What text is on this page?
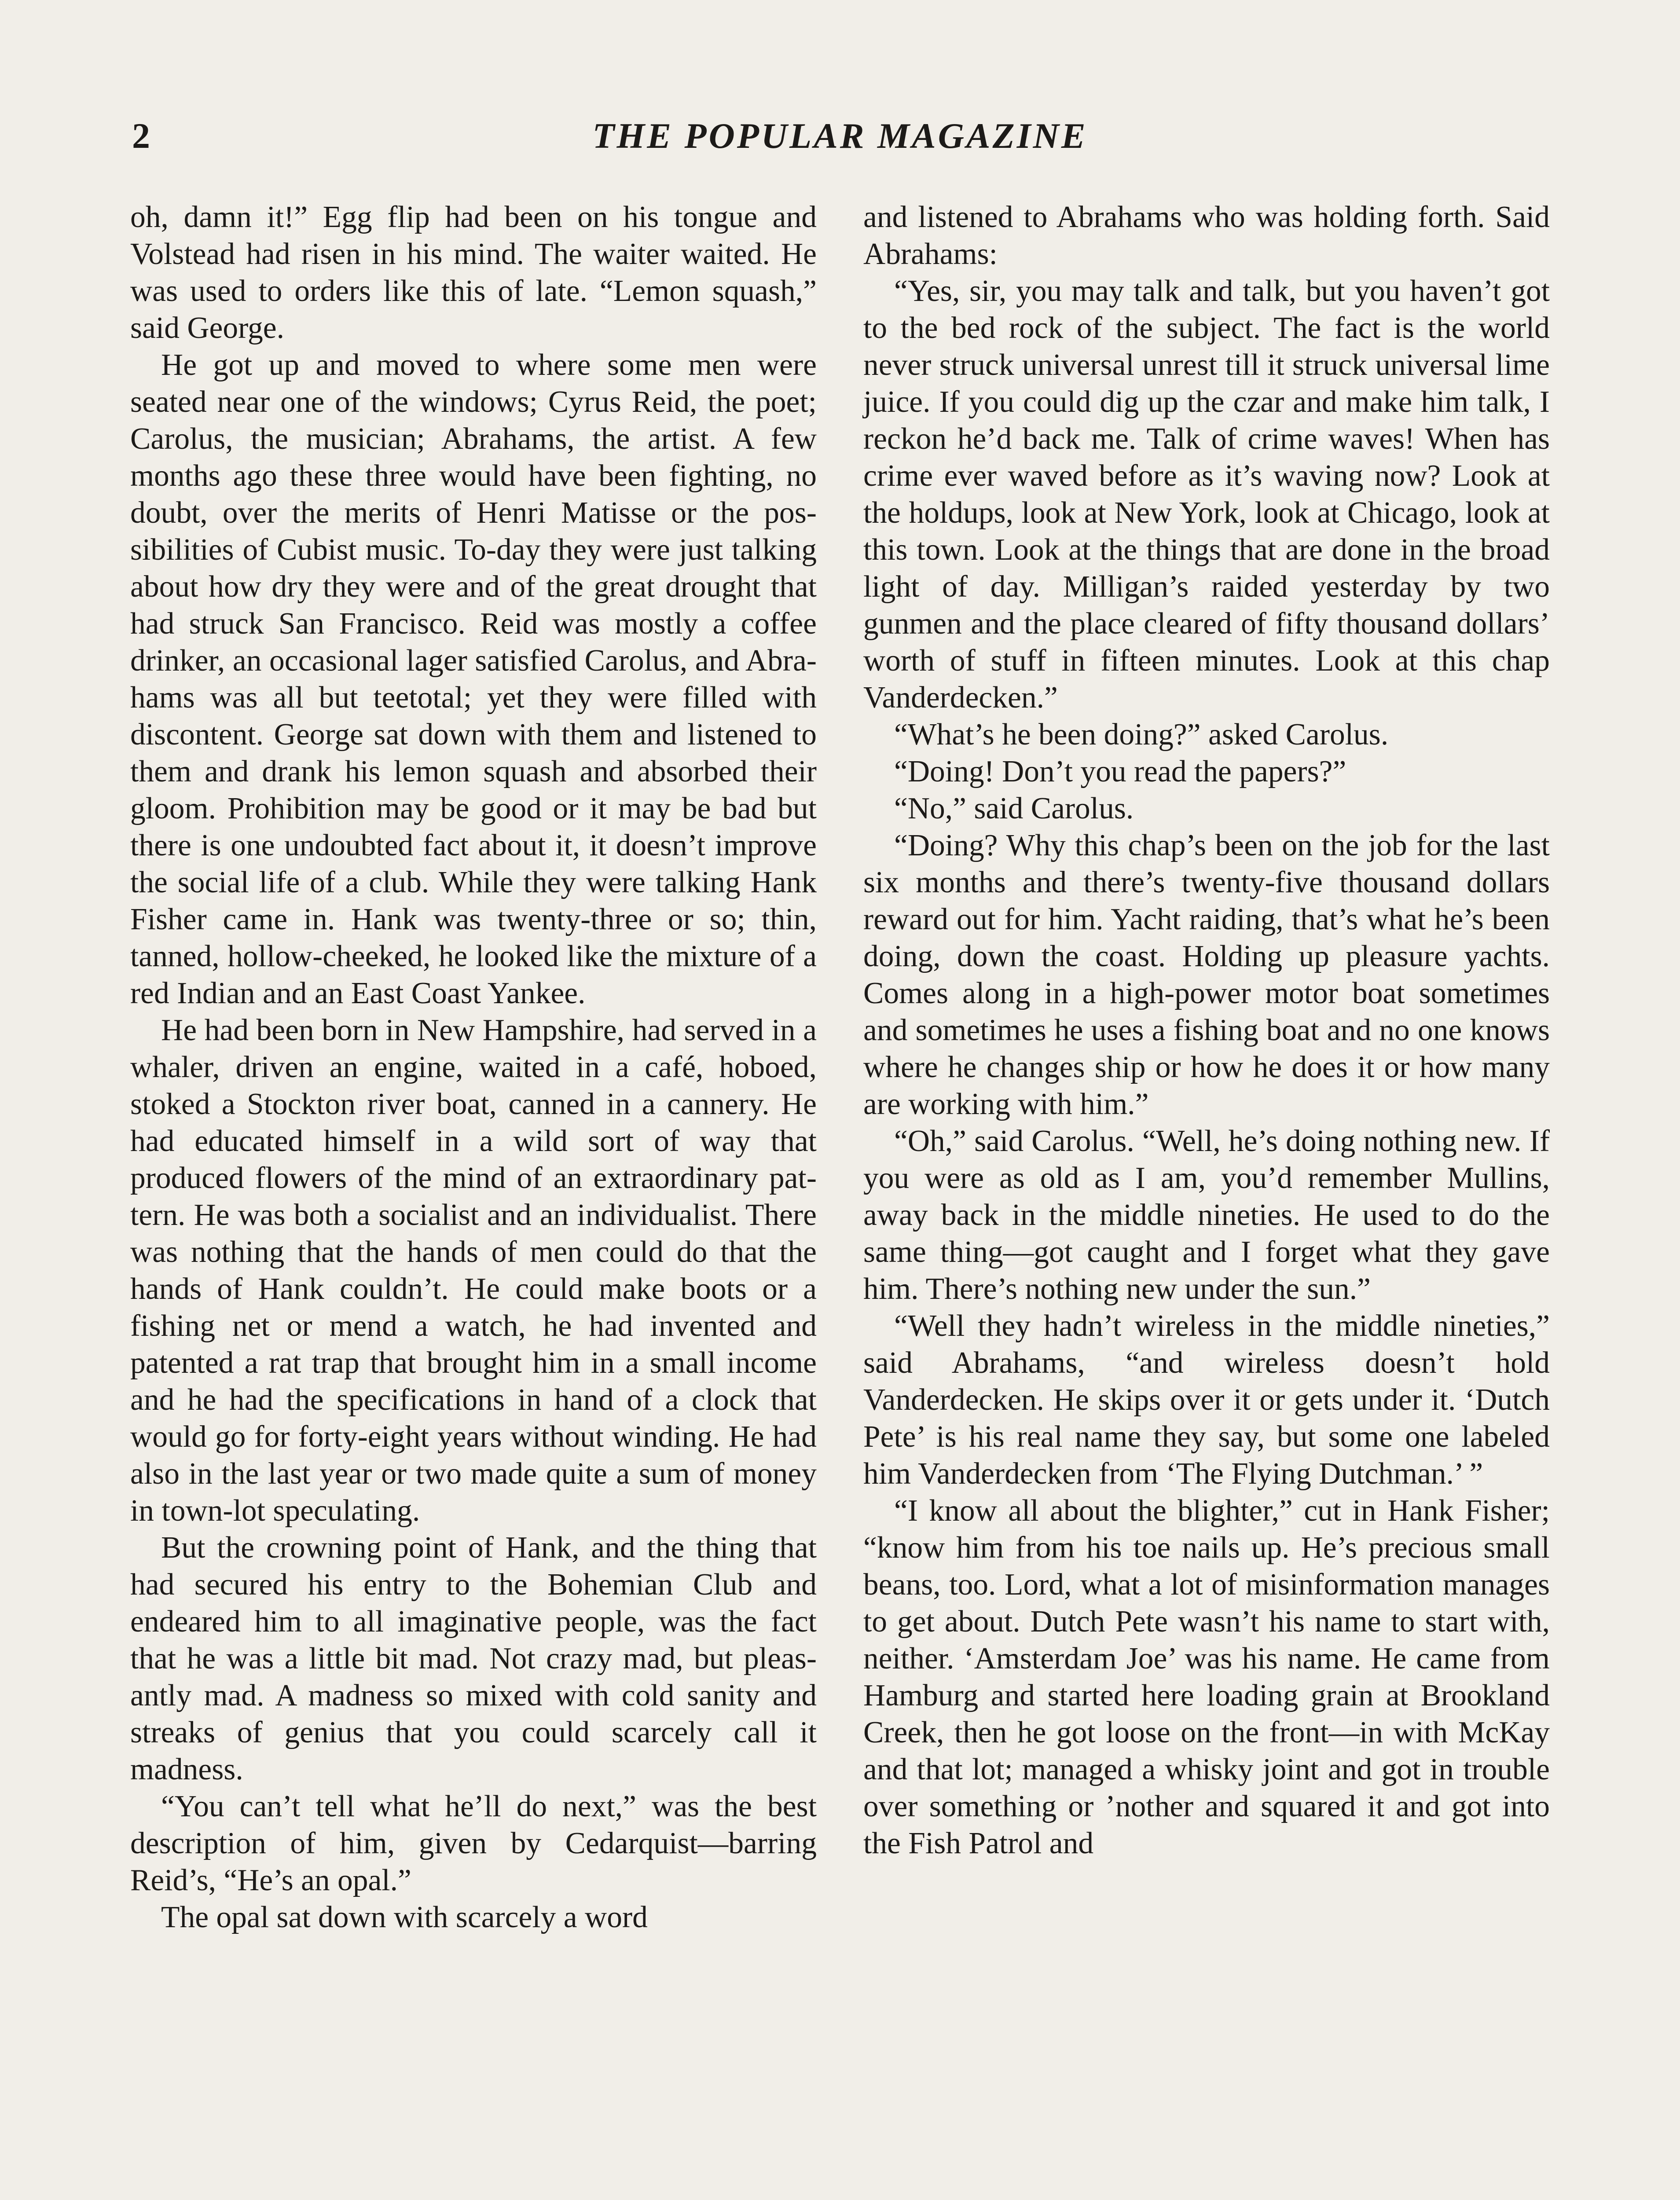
2	THE POPULAR MAGAZINE

oh, damn it!” Egg flip had been on his tongue and Volstead had risen in his mind. The waiter waited. He was used to orders like this of late. “Lemon squash,” said George.

He got up and moved to where some men were seated near one of the windows; Cyrus Reid, the poet; Carolus, the musician; Abrahams, the artist. A few months ago these three would have been fighting, no doubt, over the merits of Henri Matisse or the possibilities of Cubist music. To-day they were just talking about how dry they were and of the great drought that had struck San Francisco. Reid was mostly a coffee drinker, an occasional lager satisfied Carolus, and Abrahams was all but teetotal; yet they were filled with discontent. George sat down with them and listened to them and drank his lemon squash and absorbed their gloom. Prohibition may be good or it may be bad but there is one undoubted fact about it, it doesn’t improve the social life of a club. While they were talking Hank Fisher came in. Hank was twenty-three or so; thin, tanned, hollow-cheeked, he looked like the mixture of a red Indian and an East Coast Yankee.

He had been born in New Hampshire, had served in a whaler, driven an engine, waited in a café, hoboed, stoked a Stockton river boat, canned in a cannery. He had educated himself in a wild sort of way that produced flowers of the mind of an extraordinary pattern. He was both a socialist and an individualist. There was nothing that the hands of men could do that the hands of Hank couldn’t. He could make boots or a fishing net or mend a watch, he had invented and patented a rat trap that brought him in a small income and he had the specifications in hand of a clock that would go for forty-eight years without winding. He had also in the last year or two made quite a sum of money in town-lot speculating.

But the crowning point of Hank, and the thing that had secured his entry to the Bohemian Club and endeared him to all imaginative people, was the fact that he was a little bit mad. Not crazy mad, but pleasantly mad. A madness so mixed with cold sanity and streaks of genius that you could scarcely call it madness.

“You can’t tell what he’ll do next,” was the best description of him, given by Cedarquist—barring Reid’s, “He’s an opal.”

The opal sat down with scarcely a word

and listened to Abrahams who was holding forth. Said Abrahams:

“Yes, sir, you may talk and talk, but you haven’t got to the bed rock of the subject. The fact is the world never struck universal unrest till it struck universal lime juice. If you could dig up the czar and make him talk, I reckon he’d back me. Talk of crime waves! When has crime ever waved before as it’s waving now? Look at the holdups, look at New York, look at Chicago, look at this town. Look at the things that are done in the broad light of day. Milligan’s raided yesterday by two gunmen and the place cleared of fifty thousand dollars’ worth of stuff in fifteen minutes. Look at this chap Vanderdecken.”

“What’s he been doing?” asked Carolus.

“Doing! Don’t you read the papers?”

“No,” said Carolus.

“Doing? Why this chap’s been on the job for the last six months and there’s twenty-five thousand dollars reward out for him. Yacht raiding, that’s what he’s been doing, down the coast. Holding up pleasure yachts. Comes along in a high-power motor boat sometimes and sometimes he uses a fishing boat and no one knows where he changes ship or how he does it or how many are working with him.”

“Oh,” said Carolus. “Well, he’s doing nothing new. If you were as old as I am, you’d remember Mullins, away back in the middle nineties. He used to do the same thing—got caught and I forget what they gave him. There’s nothing new under the sun.”

“Well they hadn’t wireless in the middle nineties,” said Abrahams, “and wireless doesn’t hold Vanderdecken. He skips over it or gets under it. ‘Dutch Pete’ is his real name they say, but some one labeled him Vanderdecken from ‘The Flying Dutchman.’ ”

“I know all about the blighter,” cut in Hank Fisher; “know him from his toe nails up. He’s precious small beans, too. Lord, what a lot of misinformation manages to get about. Dutch Pete wasn’t his name to start with, neither. ‘Amsterdam Joe’ was his name. He came from Hamburg and started here loading grain at Brookland Creek, then he got loose on the front—in with McKay and that lot; managed a whisky joint and got in trouble over something or ’nother and squared it and got into the Fish Patrol and
